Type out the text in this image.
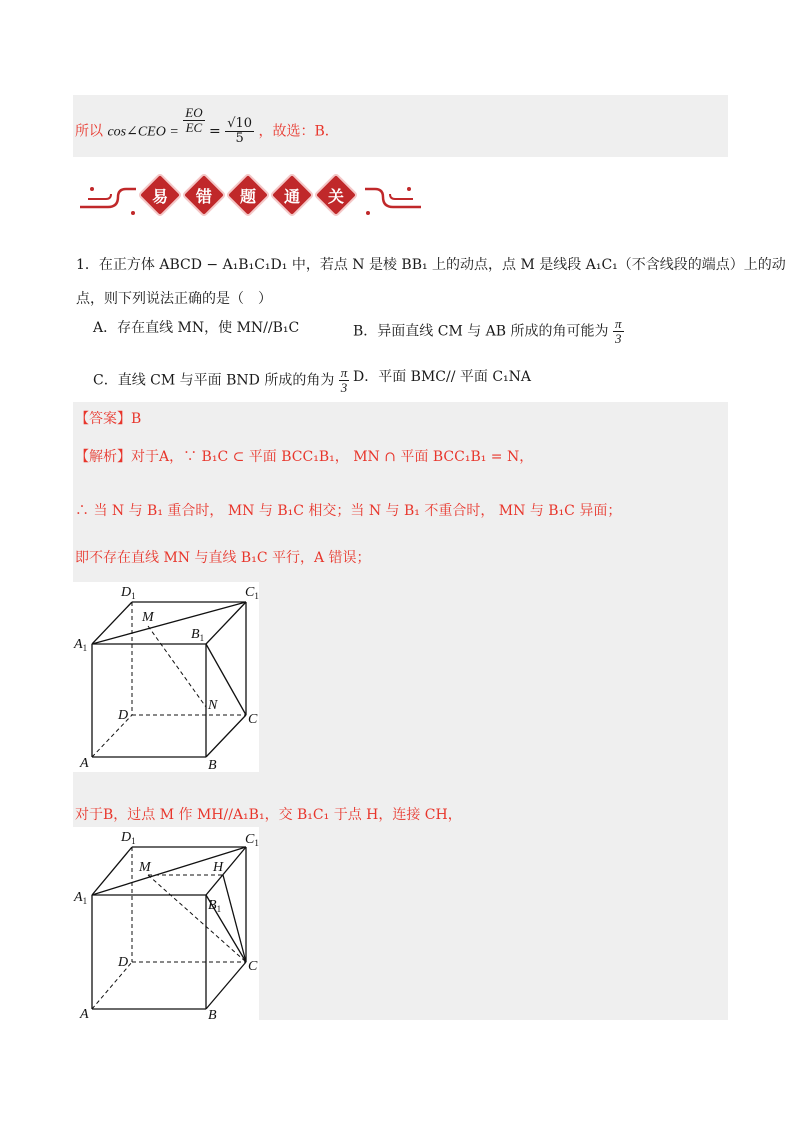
所以 cos∠CEO = $\frac{EO}{EC} = \frac{√10}{5}$ ，故选：B．
易	错	题	通	关
1．在正方体 ABCD − A₁B₁C₁D₁ 中，若点 N 是棱 BB₁ 上的动点，点 M 是线段 A₁C₁（不含线段的端点）上的动
点，则下列说法正确的是（　）
A．存在直线 MN，使 MN//B₁C	B．异面直线 CM 与 AB 所成的角可能为 $\frac{\pi}{3}$
C．直线 CM 与平面 BND 所成的角为 $\frac{\pi}{3}$ D．平面 BMC// 平面 C₁NA
【答案】B
【解析】对于A，∵ B₁C ⊂ 平面 BCC₁B₁， MN ∩ 平面 BCC₁B₁ = N，
∴ 当 N 与 B₁ 重合时， MN 与 B₁C 相交；当 N 与 B₁ 不重合时， MN 与 B₁C 异面；
即不存在直线 MN 与直线 B₁C 平行，A 错误；
对于B，过点 M 作 MH//A₁B₁，交 B₁C₁ 于点 H，连接 CH，
$D_1$	$C_1$
M
$B_1$
$A_1$
D
N
C
A	B
$D_1$	$C_1$
M	H
$A_1$	$B_1$
D	C
A	B
